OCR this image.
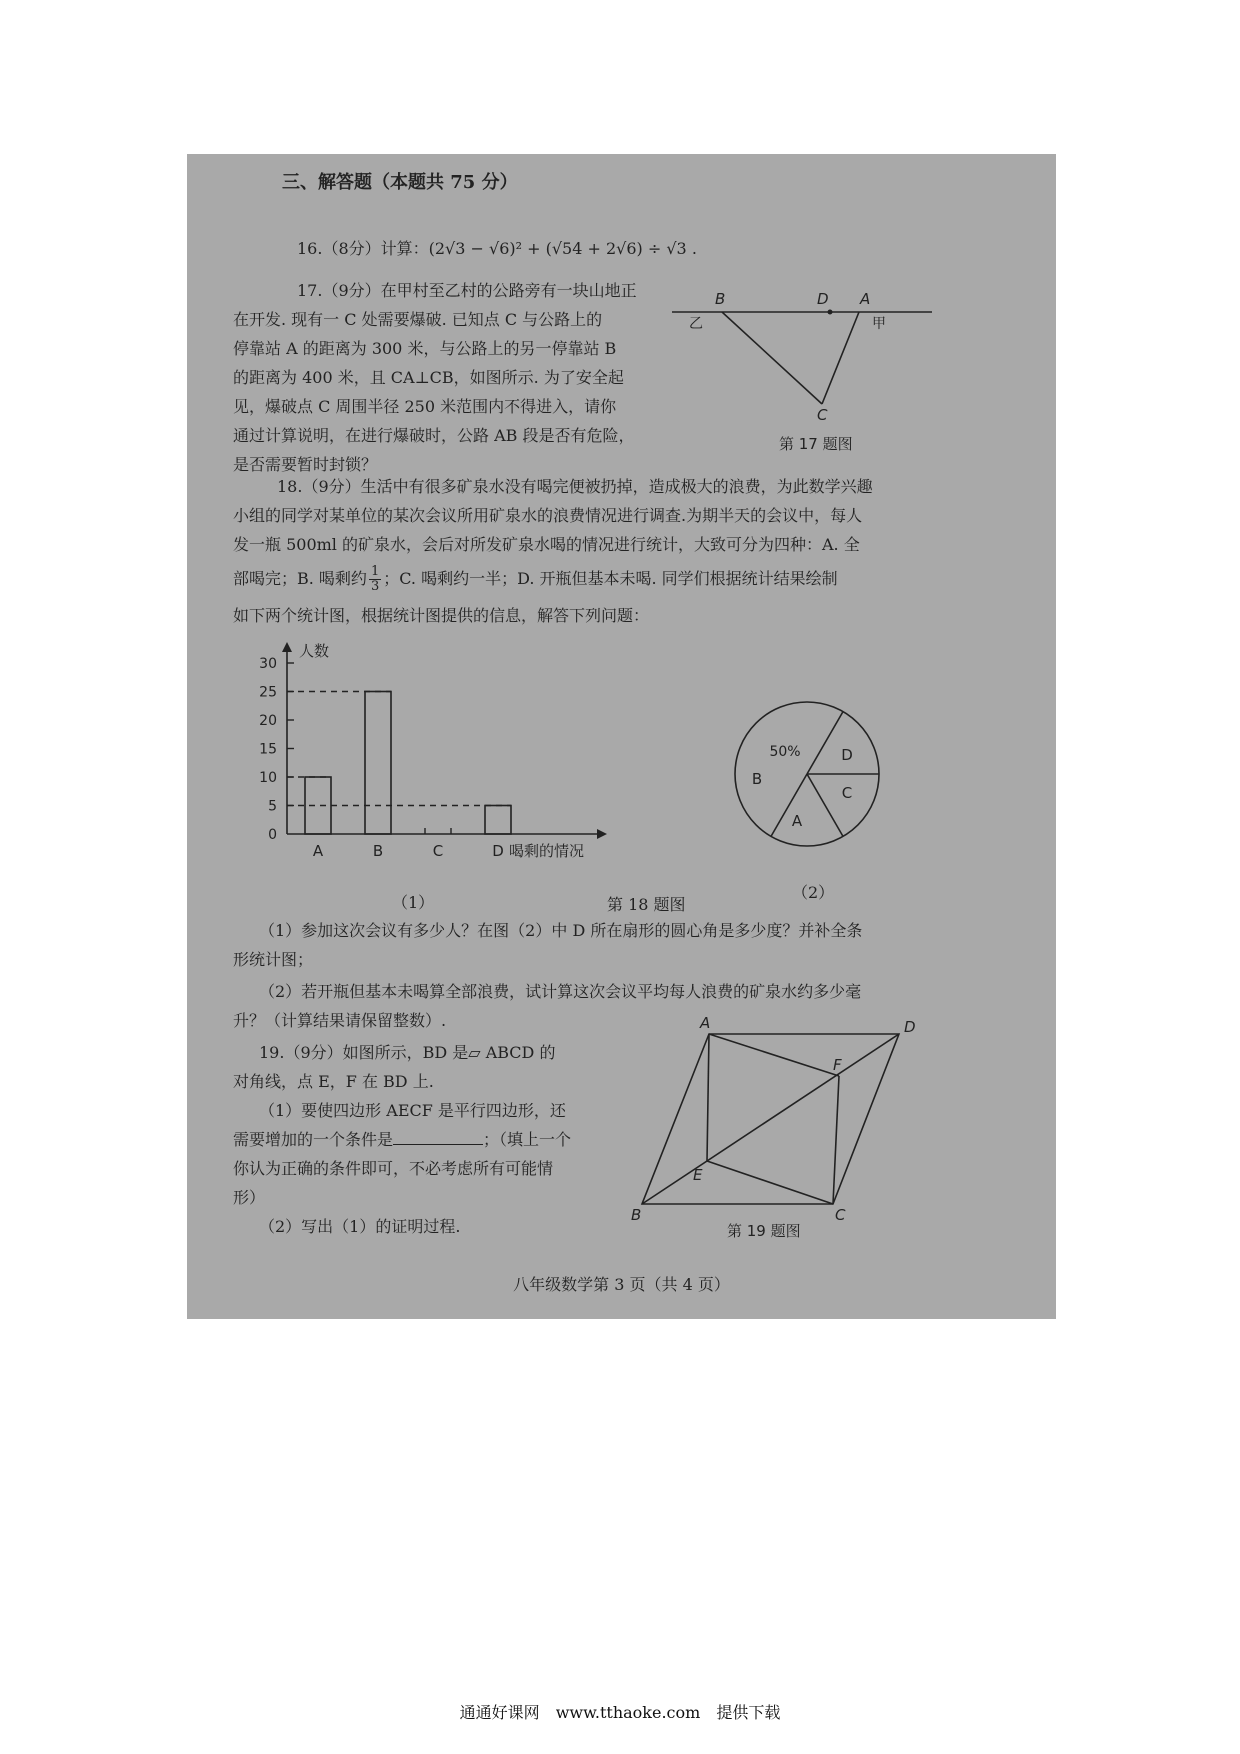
三、解答题（本题共 75 分）
16.（8分）计算：(2√3 − √6)² + (√54 + 2√6) ÷ √3 .
17.（9分）在甲村至乙村的公路旁有一块山地正
在开发. 现有一 C 处需要爆破. 已知点 C 与公路上的
停靠站 A 的距离为 300 米，与公路上的另一停靠站 B
的距离为 400 米，且 CA⊥CB，如图所示. 为了安全起
见，爆破点 C 周围半径 250 米范围内不得进入，请你
通过计算说明，在进行爆破时，公路 AB 段是否有危险，
是否需要暂时封锁？
B	D A
C
乙	甲
第 17 题图
18.（9分）生活中有很多矿泉水没有喝完便被扔掉，造成极大的浪费，为此数学兴趣
小组的同学对某单位的某次会议所用矿泉水的浪费情况进行调查.为期半天的会议中，每人
发一瓶 500ml 的矿泉水，会后对所发矿泉水喝的情况进行统计，大致可分为四种：A. 全
部喝完；B. 喝剩约 $\frac{1}{3}$ ；C. 喝剩约一半；D. 开瓶但基本未喝. 同学们根据统计结果绘制
如下两个统计图，根据统计图提供的信息，解答下列问题：
人数
喝剩的情况
0
5
10
15
20
25
30
A	B	C	D
（1）	第 18 题图
B
D
C
A
50%
（2）
（1）参加这次会议有多少人？在图（2）中 D 所在扇形的圆心角是多少度？并补全条
形统计图；
（2）若开瓶但基本未喝算全部浪费，试计算这次会议平均每人浪费的矿泉水约多少毫
升？（计算结果请保留整数）.
19.（9分）如图所示，BD 是▱ ABCD 的
对角线，点 E，F 在 BD 上.
（1）要使四边形 AECF 是平行四边形，还
需要增加的一个条件是	；（填上一个
你认为正确的条件即可，不必考虑所有可能情
形）
（2）写出（1）的证明过程.
A	D
B	C
F
E
第 19 题图
八年级数学第 3 页（共 4 页）
通通好课网 www.tthaoke.com 提供下载
